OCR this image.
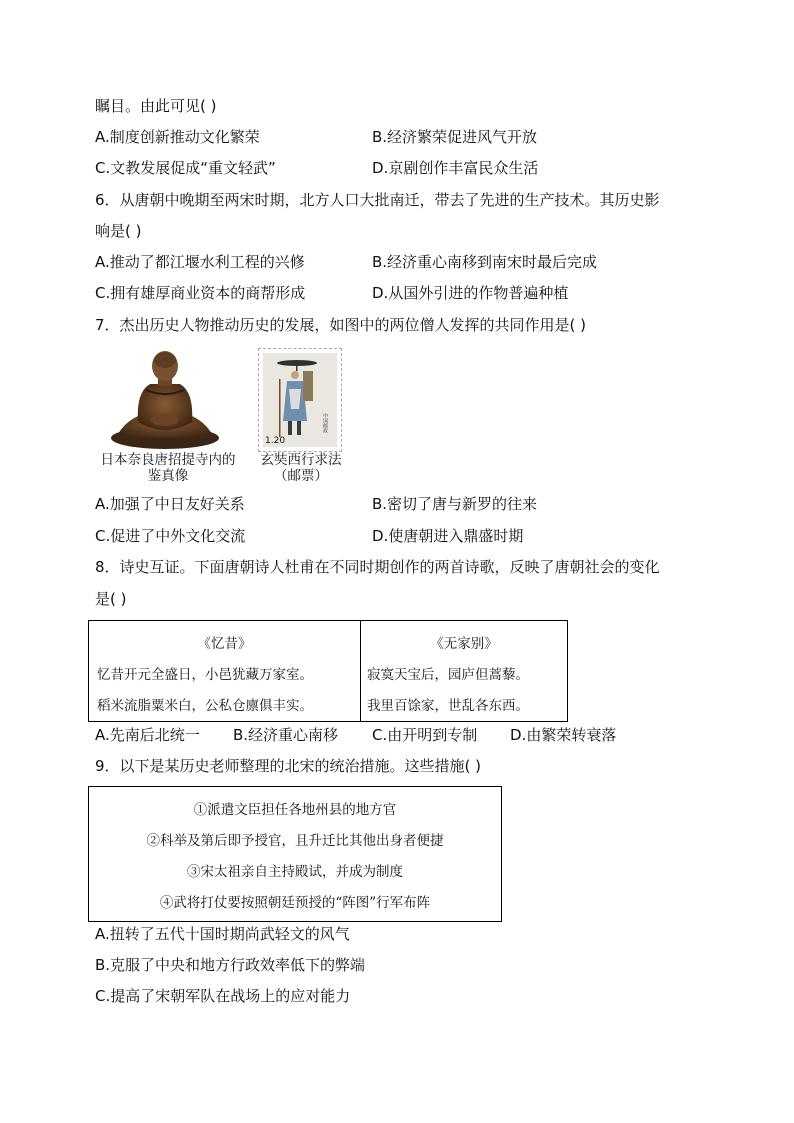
瞩目。由此可见( )
A.制度创新推动文化繁荣	B.经济繁荣促进风气开放
C.文教发展促成“重文轻武”	D.京剧创作丰富民众生活
6．从唐朝中晚期至两宋时期，北方人口大批南迁，带去了先进的生产技术。其历史影
响是( )
A.推动了都江堰水利工程的兴修	B.经济重心南移到南宋时最后完成
C.拥有雄厚商业资本的商帮形成	D.从国外引进的作物普遍种植
7．杰出历史人物推动历史的发展，如图中的两位僧人发挥的共同作用是( )
日本奈良唐招提寺内的
鉴真像
1.20
中国邮政
玄奘西行求法
（邮票）
A.加强了中日友好关系	B.密切了唐与新罗的往来
C.促进了中外文化交流	D.使唐朝进入鼎盛时期
8．诗史互证。下面唐朝诗人杜甫在不同时期创作的两首诗歌，反映了唐朝社会的变化
是( )
《忆昔》
忆昔开元全盛日，小邑犹藏万家室。
稻米流脂粟米白，公私仓廪俱丰实。
《无家别》
寂寞天宝后，园庐但蒿藜。
我里百馀家，世乱各东西。
A.先南后北统一 B.经济重心南移 C.由开明到专制 D.由繁荣转衰落
9．以下是某历史老师整理的北宋的统治措施。这些措施( )
①派遣文臣担任各地州县的地方官
②科举及第后即予授官，且升迁比其他出身者便捷
③宋太祖亲自主持殿试，并成为制度
④武将打仗要按照朝廷预授的“阵图”行军布阵
A.扭转了五代十国时期尚武轻文的风气
B.克服了中央和地方行政效率低下的弊端
C.提高了宋朝军队在战场上的应对能力
